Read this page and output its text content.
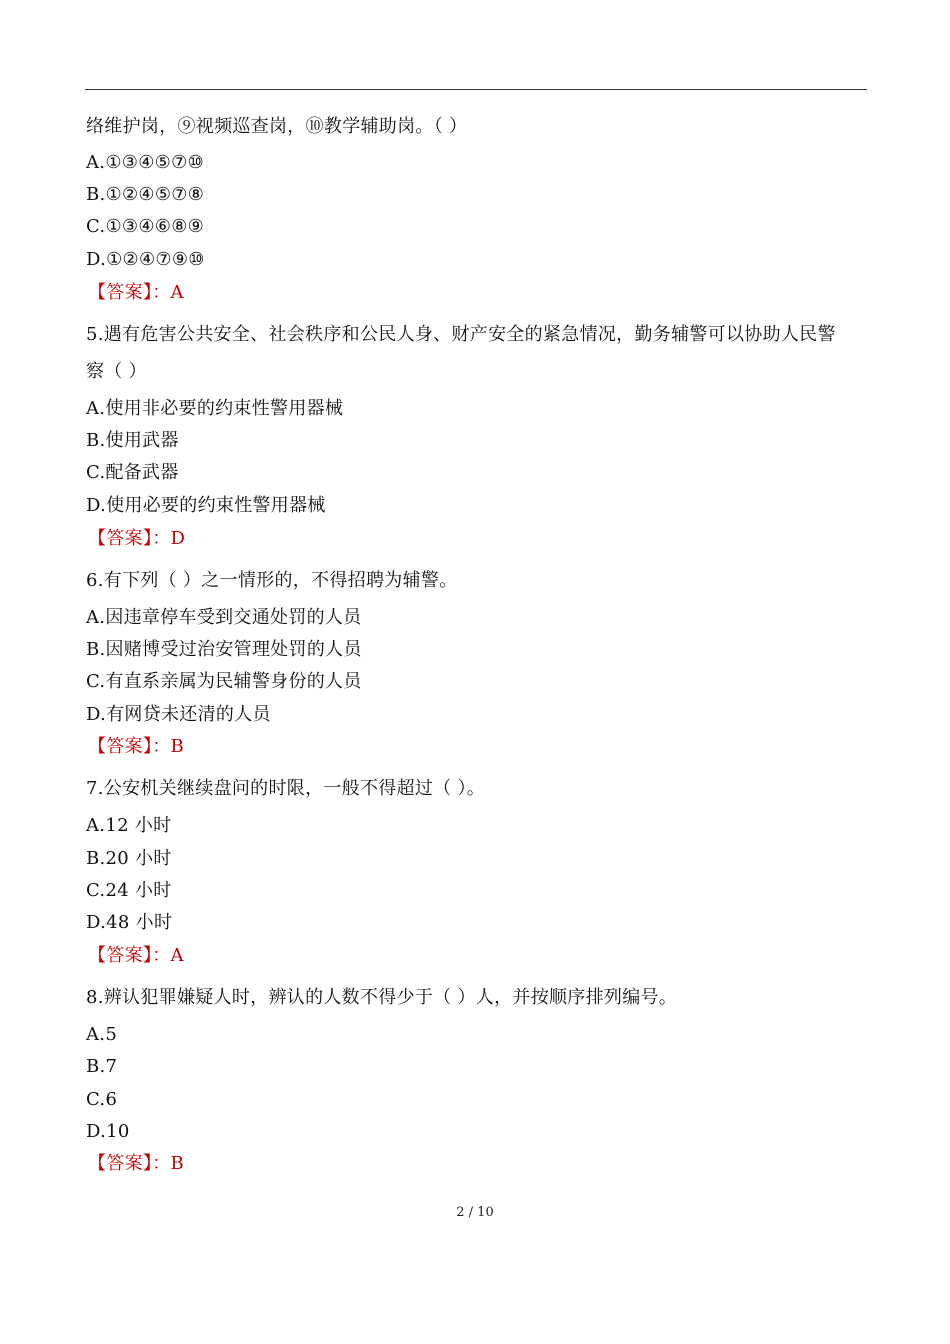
络维护岗，⑨视频巡查岗，⑩教学辅助岗。（ ）
A.①③④⑤⑦⑩
B.①②④⑤⑦⑧
C.①③④⑥⑧⑨
D.①②④⑦⑨⑩
【答案】：A
5.遇有危害公共安全、社会秩序和公民人身、财产安全的紧急情况，勤务辅警可以协助人民警
察（ ）
A.使用非必要的约束性警用器械
B.使用武器
C.配备武器
D.使用必要的约束性警用器械
【答案】：D
6.有下列（ ）之一情形的，不得招聘为辅警。
A.因违章停车受到交通处罚的人员
B.因赌博受过治安管理处罚的人员
C.有直系亲属为民辅警身份的人员
D.有网贷未还清的人员
【答案】：B
7.公安机关继续盘问的时限，一般不得超过（ ）。
A.12 小时
B.20 小时
C.24 小时
D.48 小时
【答案】：A
8.辨认犯罪嫌疑人时，辨认的人数不得少于（ ）人，并按顺序排列编号。
A.5
B.7
C.6
D.10
【答案】：B
2 / 10
